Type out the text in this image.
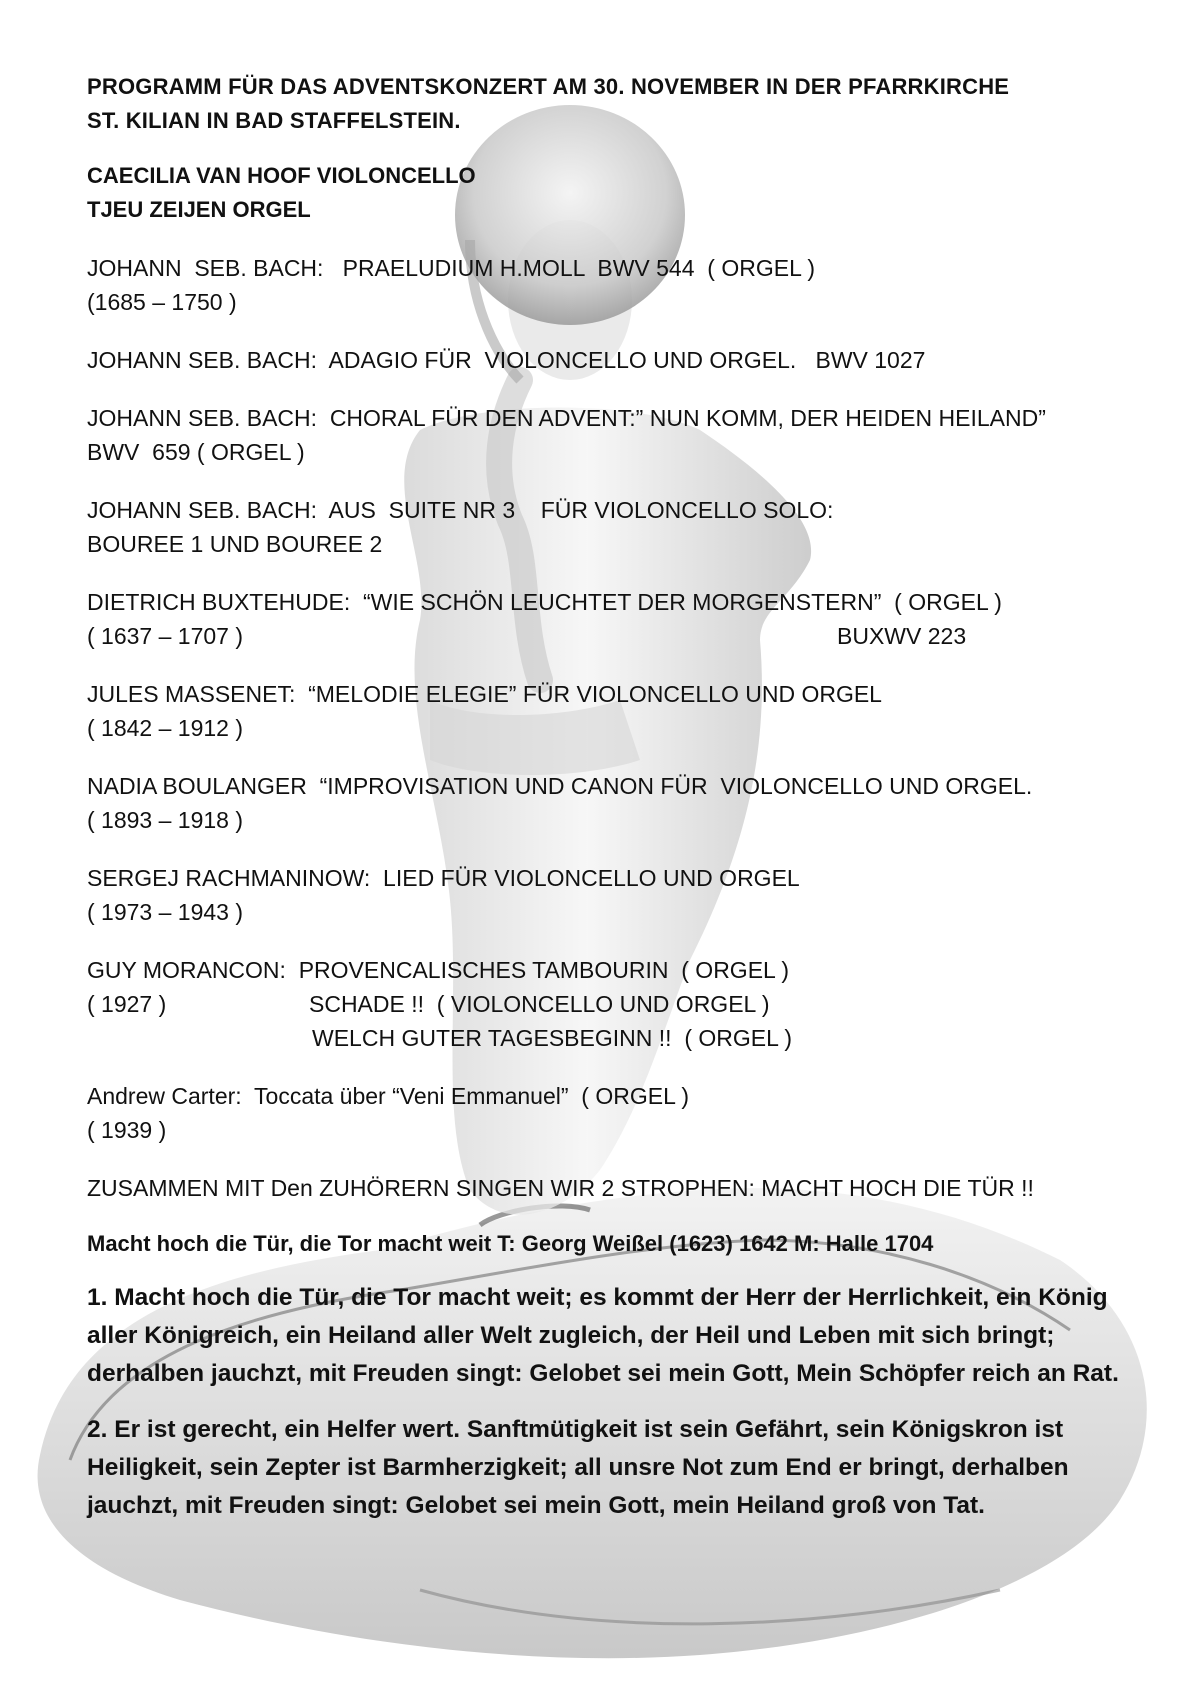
PROGRAMM FÜR DAS ADVENTSKONZERT AM 30. NOVEMBER IN DER PFARRKIRCHE
ST. KILIAN IN BAD STAFFELSTEIN.
CAECILIA VAN HOOF VIOLONCELLO
TJEU ZEIJEN ORGEL
JOHANN  SEB. BACH:   PRAELUDIUM H.MOLL  BWV 544  ( ORGEL )
(1685 – 1750 )
JOHANN SEB. BACH:  ADAGIO FÜR  VIOLONCELLO UND ORGEL.   BWV 1027
JOHANN SEB. BACH:  CHORAL FÜR DEN ADVENT:” NUN KOMM, DER HEIDEN HEILAND”
BWV  659 ( ORGEL )
JOHANN SEB. BACH:  AUS  SUITE NR 3    FÜR VIOLONCELLO SOLO:
BOUREE 1 UND BOUREE 2
DIETRICH BUXTEHUDE:  “WIE SCHÖN LEUCHTET DER MORGENSTERN”  ( ORGEL )
( 1637 – 1707 )	BUXWV 223
JULES MASSENET:  “MELODIE ELEGIE” FÜR VIOLONCELLO UND ORGEL
( 1842 – 1912 )
NADIA BOULANGER  “IMPROVISATION UND CANON FÜR  VIOLONCELLO UND ORGEL.
( 1893 – 1918 )
SERGEJ RACHMANINOW:  LIED FÜR VIOLONCELLO UND ORGEL
( 1973 – 1943 )
GUY MORANCON:  PROVENCALISCHES TAMBOURIN  ( ORGEL )
( 1927 )	SCHADE !!  ( VIOLONCELLO UND ORGEL )
WELCH GUTER TAGESBEGINN !!  ( ORGEL )
Andrew Carter:  Toccata über “Veni Emmanuel”  ( ORGEL )
( 1939 )
ZUSAMMEN MIT Den ZUHÖRERN SINGEN WIR 2 STROPHEN: MACHT HOCH DIE TÜR !!
Macht hoch die Tür, die Tor macht weit T: Georg Weißel (1623) 1642 M: Halle 1704
1. Macht hoch die Tür, die Tor macht weit; es kommt der Herr der Herrlichkeit, ein König aller Königreich, ein Heiland aller Welt zugleich, der Heil und Leben mit sich bringt; derhalben jauchzt, mit Freuden singt: Gelobet sei mein Gott, Mein Schöpfer reich an Rat.
2. Er ist gerecht, ein Helfer wert. Sanftmütigkeit ist sein Gefährt, sein Königskron ist Heiligkeit, sein Zepter ist Barmherzigkeit; all unsre Not zum End er bringt, derhalben jauchzt, mit Freuden singt: Gelobet sei mein Gott, mein Heiland groß von Tat.
